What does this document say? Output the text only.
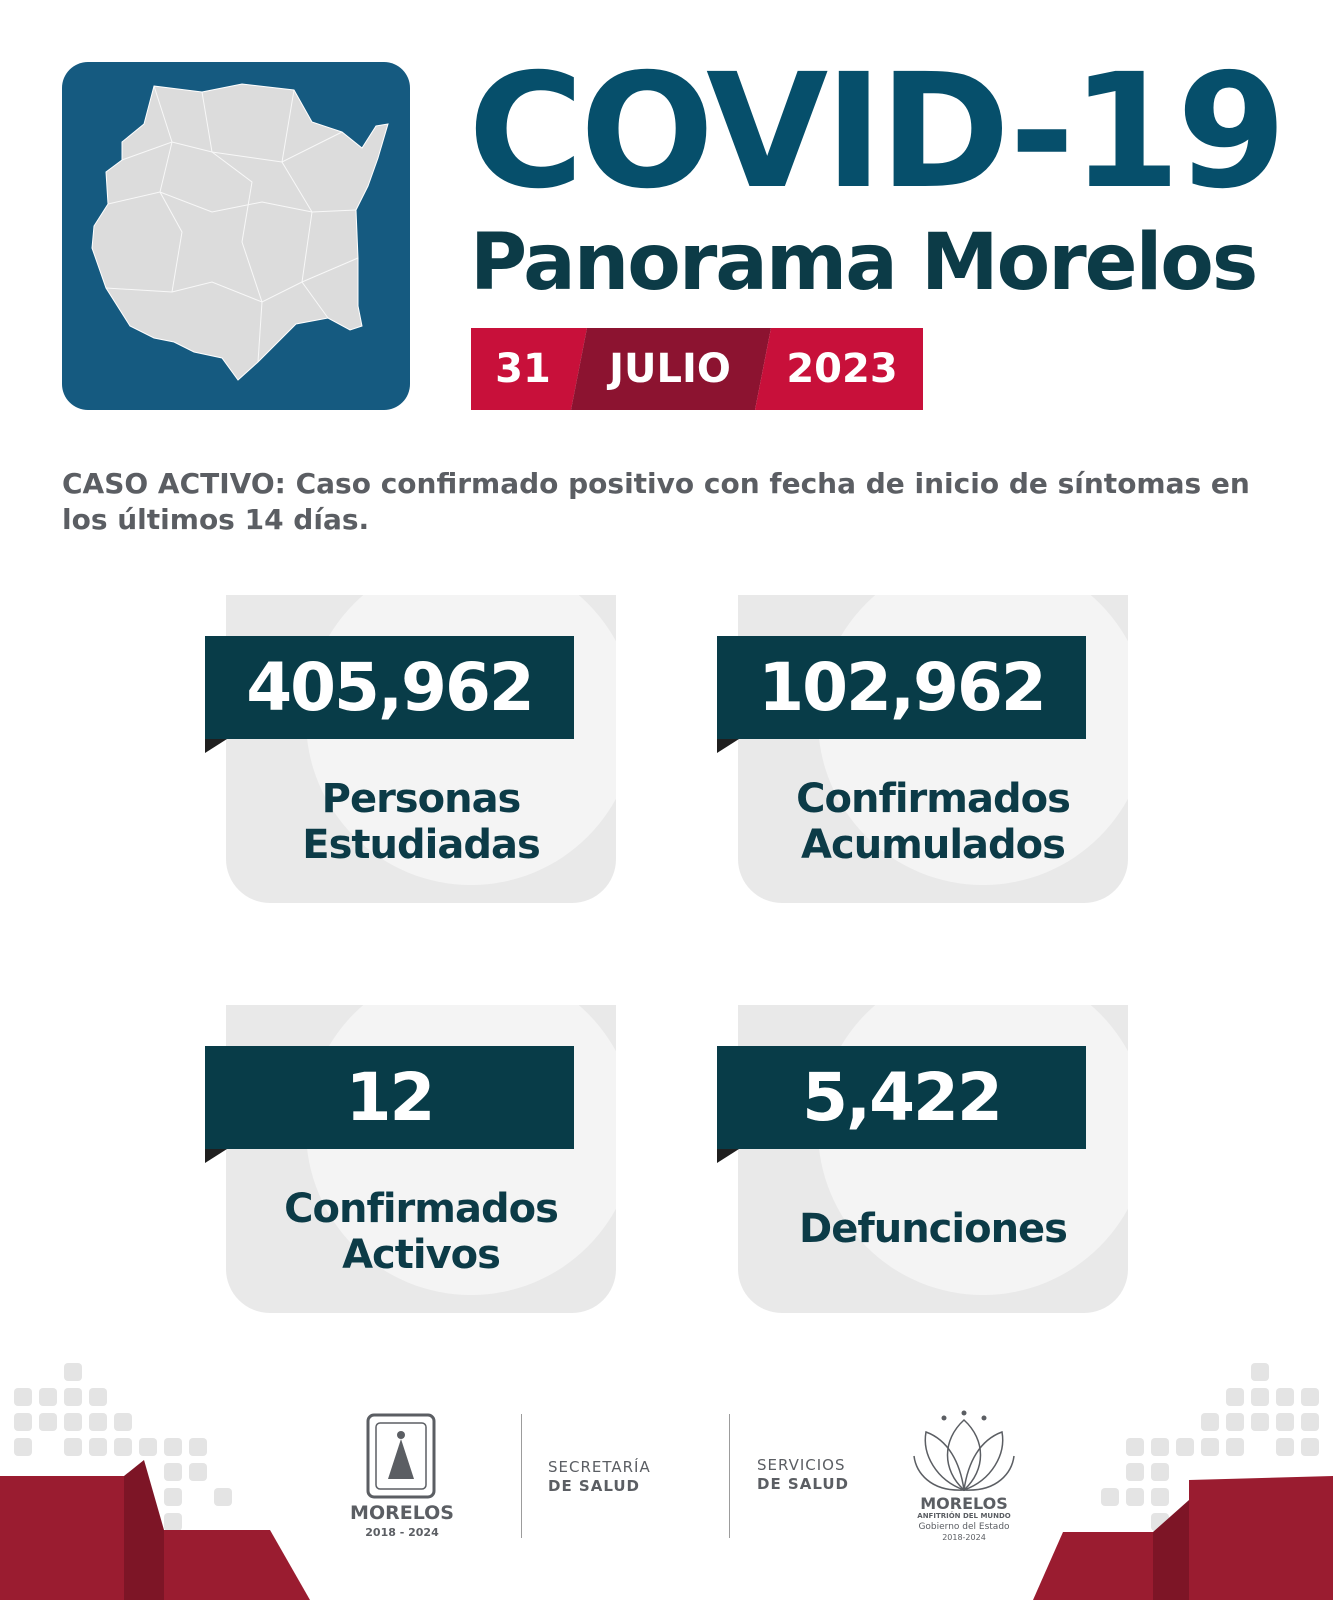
COVID-19
Panorama Morelos
31	JULIO	2023
CASO ACTIVO: Caso confirmado positivo con fecha de inicio de síntomas en los últimos 14 días.
405,962
Personas
Estudiadas
102,962
Confirmados
Acumulados
12
Confirmados
Activos
5,422
Defunciones
MORELOS
2018 - 2024
SECRETARÍA
DE SALUD
SERVICIOS
DE SALUD
MORELOS
ANFITRIÓN DEL MUNDO
Gobierno del Estado
2018-2024
